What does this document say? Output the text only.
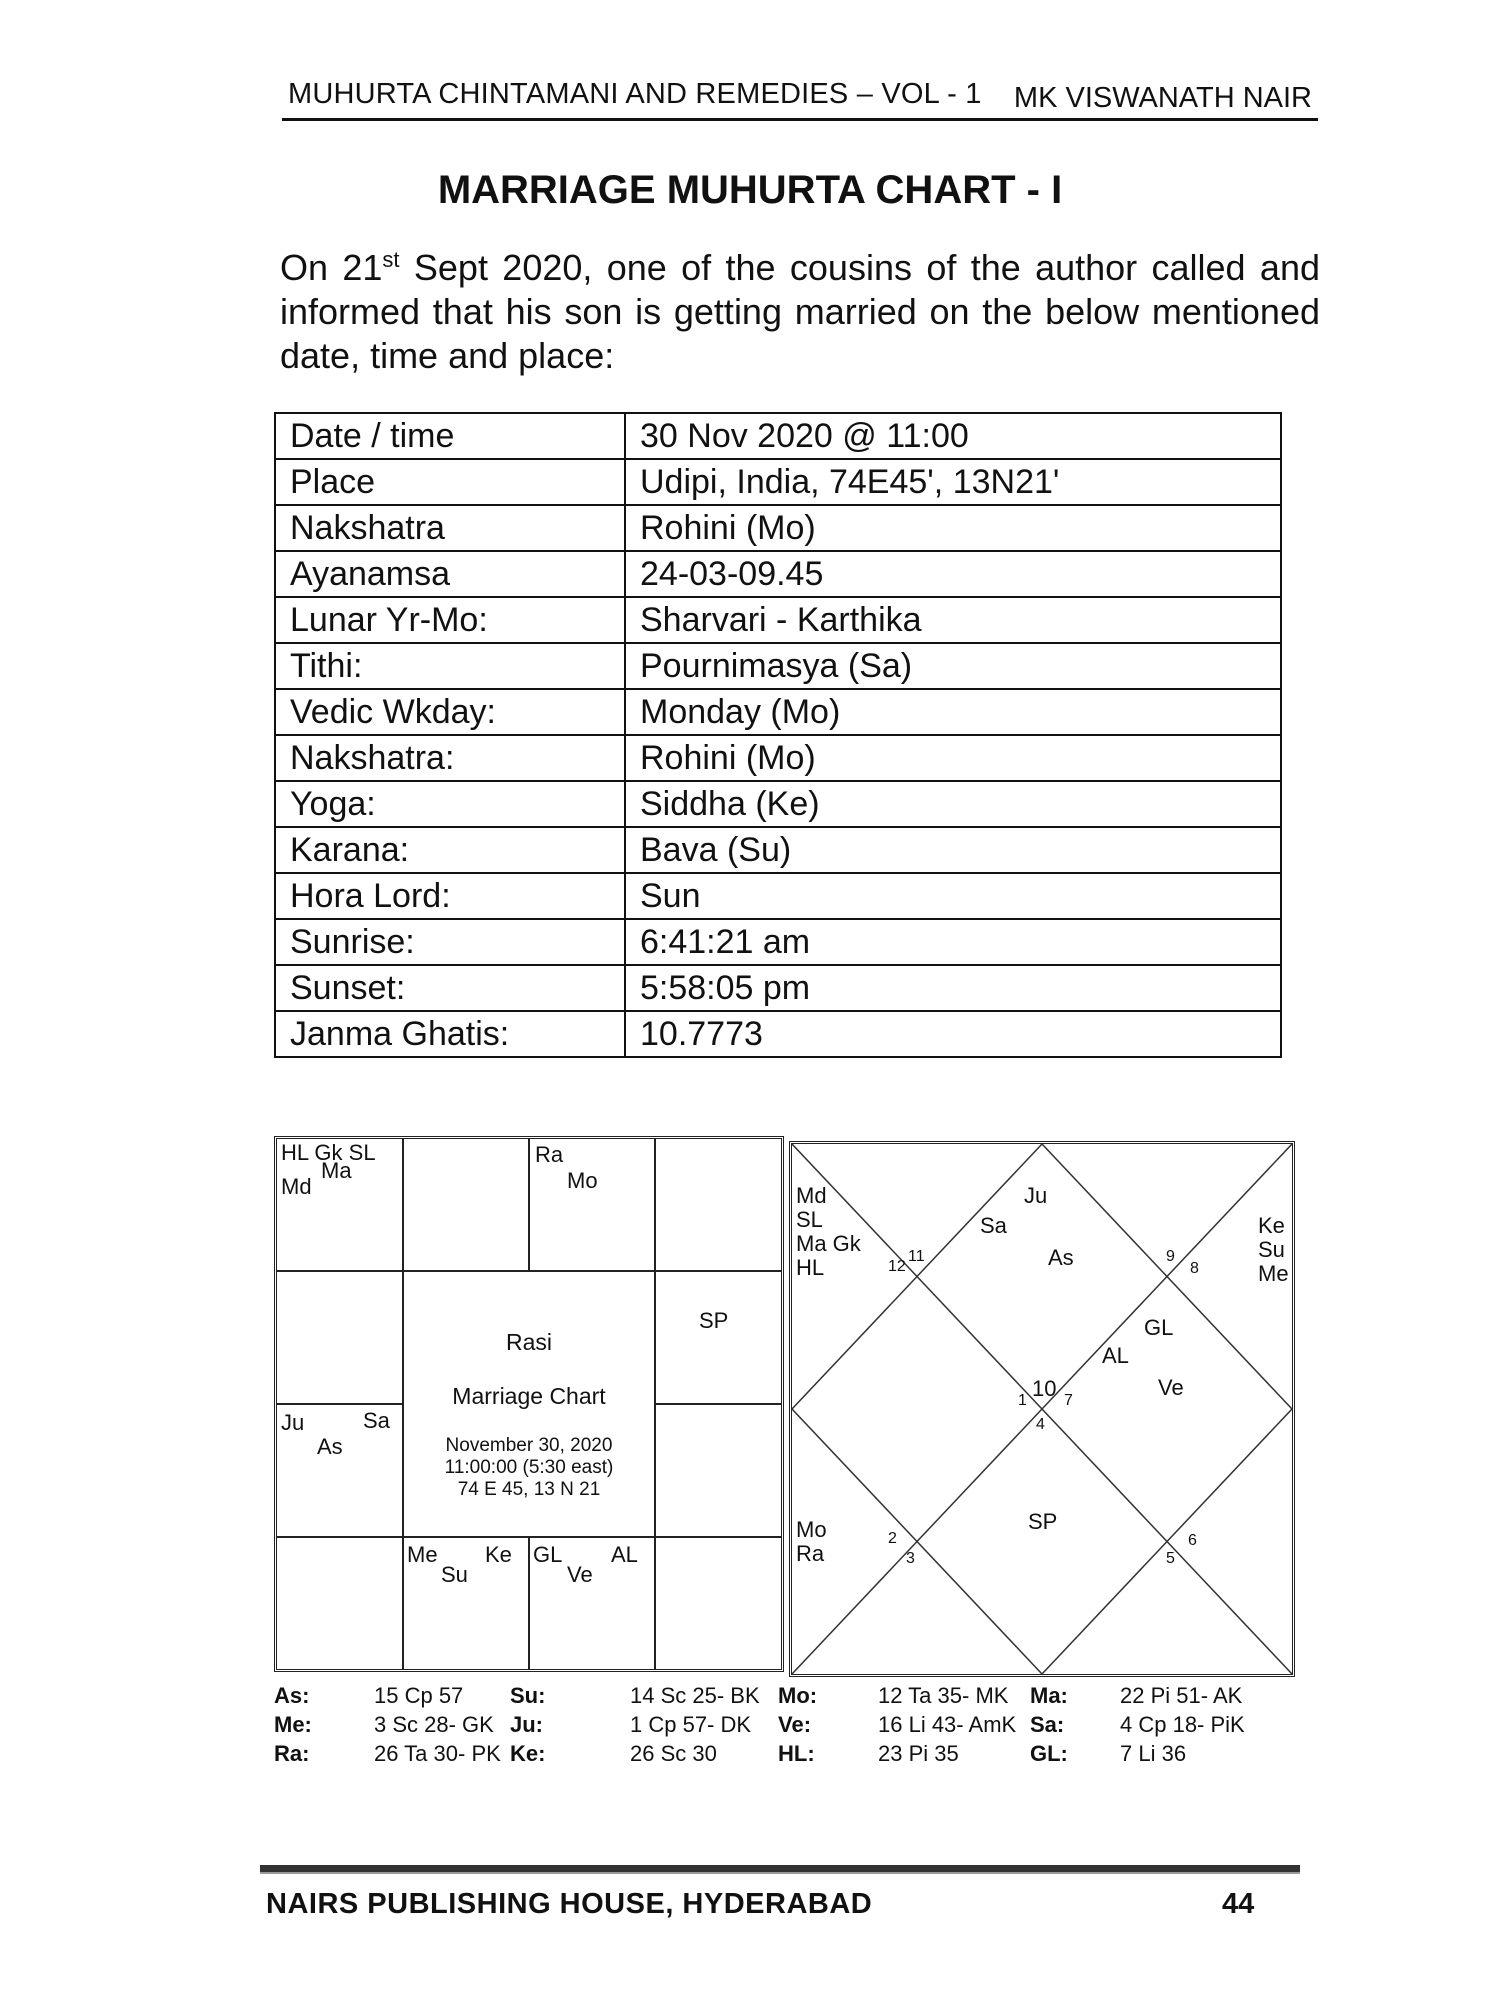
MUHURTA CHINTAMANI AND REMEDIES – VOL - 1 MK VISWANATH NAIR
MARRIAGE MUHURTA CHART - I
On 21st Sept 2020, one of the cousins of the author called and informed that his son is getting married on the below mentioned date, time and place:
Date / time	30 Nov 2020 @ 11:00
Place	Udipi, India, 74E45', 13N21'
Nakshatra	Rohini (Mo)
Ayanamsa	24-03-09.45
Lunar Yr-Mo:	Sharvari - Karthika
Tithi:	Pournimasya (Sa)
Vedic Wkday:	Monday (Mo)
Nakshatra:	Rohini (Mo)
Yoga:	Siddha (Ke)
Karana:	Bava (Su)
Hora Lord:	Sun
Sunrise:	6:41:21 am
Sunset:	5:58:05 pm
Janma Ghatis:	10.7773
HL Gk SL
Ma
Md
Ra
Mo
SP
Ju	Sa
As
Me Ke
Su
GL AL
Ve
Rasi
Marriage Chart
November 30, 2020
11:00:00 (5:30 east)
74 E 45, 13 N 21
Md
SL
Ma Gk
HL
Ju
Sa
As
Ke
Su
Me
GL
AL
Ve
SP
Mo
Ra
12
11	9
8
10
1 7
4
2
3	5
6
As:	15 Cp 57 Su:	14 Sc 25- BK Mo:	12 Ta 35- MK Ma: 22 Pi 51- AK
Me:	3 Sc 28- GK Ju:	1 Cp 57- DK Ve:	16 Li 43- AmK Sa:	4 Cp 18- PiK
Ra:	26 Ta 30- PK Ke:	26 Sc 30	HL:	23 Pi 35	GL: 7 Li 36
NAIRS PUBLISHING HOUSE, HYDERABAD	44
